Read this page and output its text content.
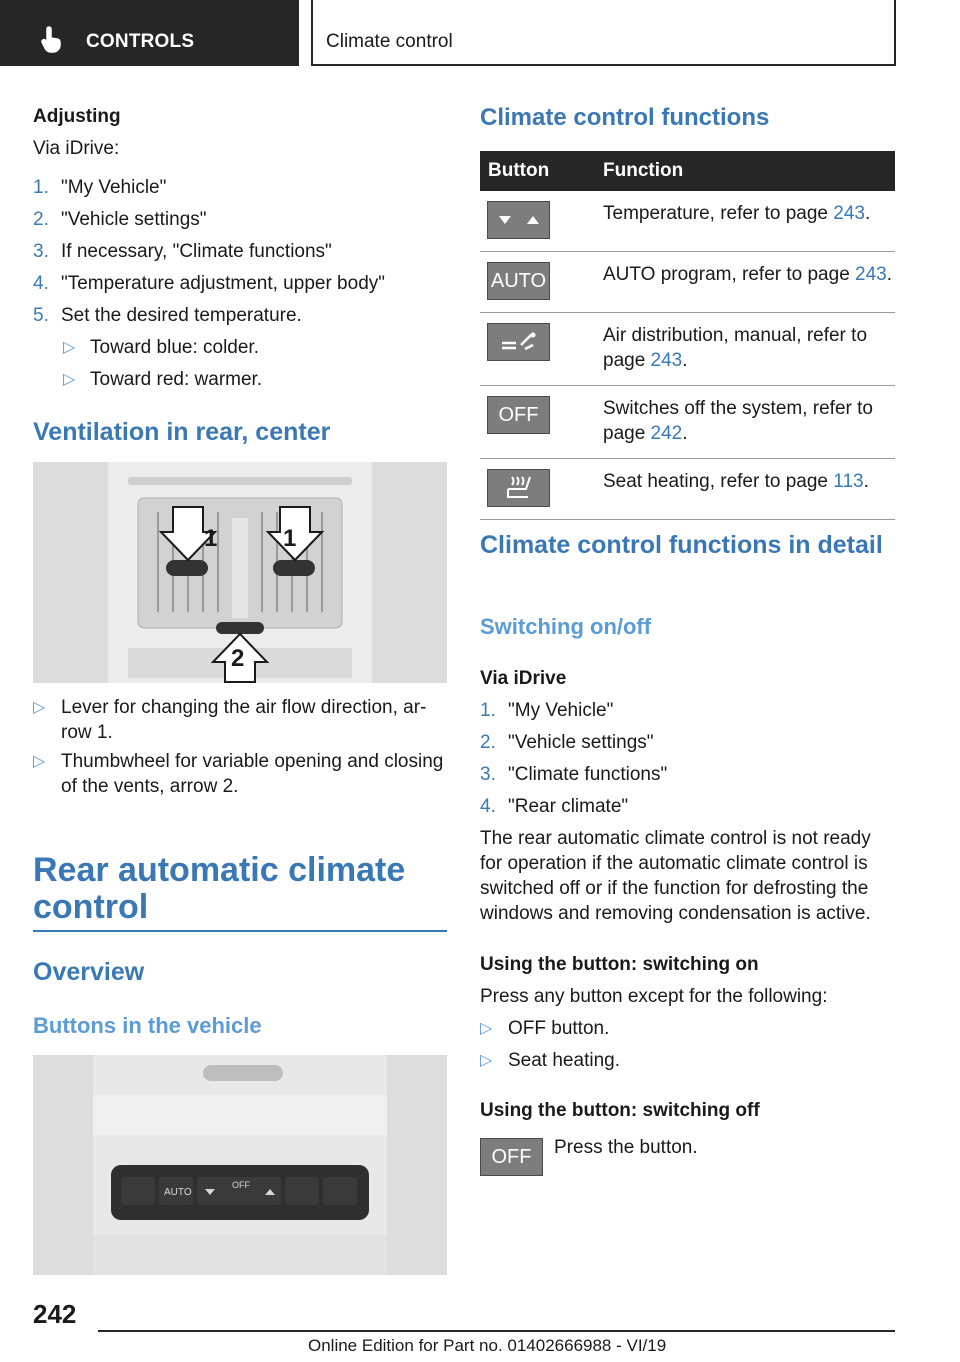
CONTROLS	Climate control
Adjusting
Via iDrive:
1. "My Vehicle"
2. "Vehicle settings"
3. If necessary, "Climate functions"
4. "Temperature adjustment, upper body"
5. Set the desired temperature.
▷ Toward blue: colder.
▷ Toward red: warmer.
Ventilation in rear, center
1	1
2
▷ Lever for changing the air flow direction, ar-row 1.
▷ Thumbwheel for variable opening and closing of the vents, arrow 2.
Rear automatic climate control
Overview
Buttons in the vehicle
AUTO
OFF
Climate control functions
Button	Function

	Temperature, refer to page 243.

AUTO	AUTO program, refer to page 243.

	Air distribution, manual, refer to page 243.

OFF	Switches off the system, refer to page 242.

	Seat heating, refer to page 113.
Climate control functions in detail
Switching on/off
Via iDrive
1. "My Vehicle"
2. "Vehicle settings"
3. "Climate functions"
4. "Rear climate"
The rear automatic climate control is not ready for operation if the automatic climate control is switched off or if the function for defrosting the windows and removing condensation is active.
Using the button: switching on
Press any button except for the following:
▷ OFF button.
▷ Seat heating.
Using the button: switching off
OFF	Press the button.
242
Online Edition for Part no. 01402666988 - VI/19
